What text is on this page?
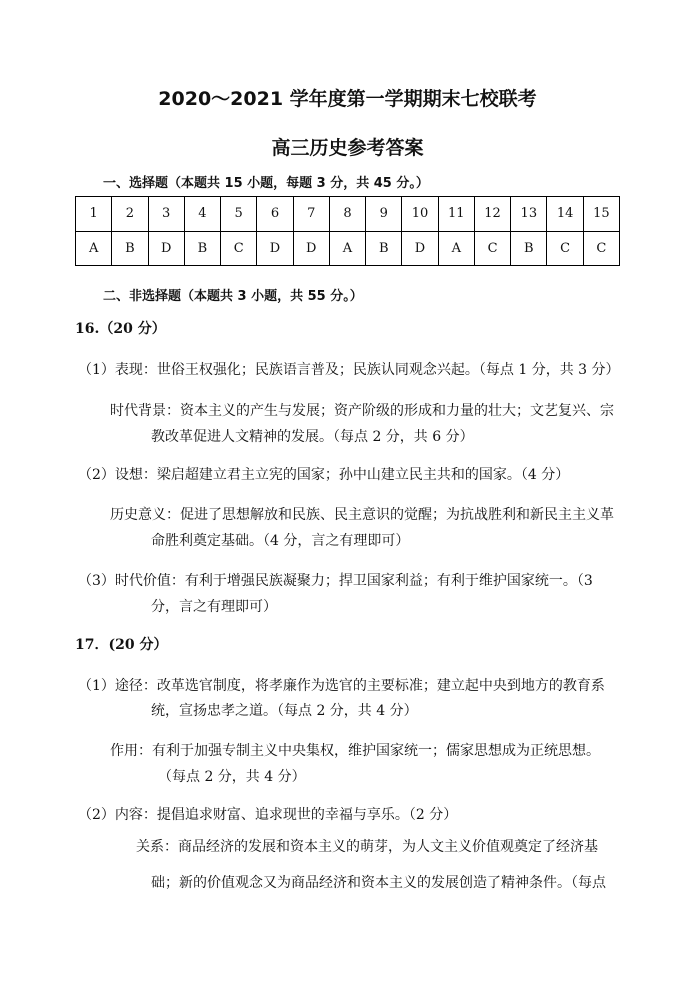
2020～2021 学年度第一学期期末七校联考
高三历史参考答案
一、选择题（本题共 15 小题，每题 3 分，共 45 分。）
1	2	3	4	5	6	7	8	9	10	11	12	13	14	15
A	B	D	B	C	D	D	A	B	D	A	C	B	C	C
二、非选择题（本题共 3 小题，共 55 分。）
16.（20 分）
（1）表现：世俗王权强化；民族语言普及；民族认同观念兴起。（每点 1 分，共 3 分）
时代背景：资本主义的产生与发展；资产阶级的形成和力量的壮大；文艺复兴、宗
教改革促进人文精神的发展。（每点 2 分，共 6 分）
（2）设想：梁启超建立君主立宪的国家；孙中山建立民主共和的国家。（4 分）
历史意义：促进了思想解放和民族、民主意识的觉醒；为抗战胜利和新民主主义革
命胜利奠定基础。（4 分，言之有理即可）
（3）时代价值：有利于增强民族凝聚力；捍卫国家利益；有利于维护国家统一。（3
分，言之有理即可）
17．(20 分）
（1）途径：改革选官制度，将孝廉作为选官的主要标准；建立起中央到地方的教育系
统，宣扬忠孝之道。（每点 2 分，共 4 分）
作用：有利于加强专制主义中央集权，维护国家统一；儒家思想成为正统思想。
（每点 2 分，共 4 分）
（2）内容：提倡追求财富、追求现世的幸福与享乐。（2 分）
关系：商品经济的发展和资本主义的萌芽，为人文主义价值观奠定了经济基
础；新的价值观念又为商品经济和资本主义的发展创造了精神条件。（每点
